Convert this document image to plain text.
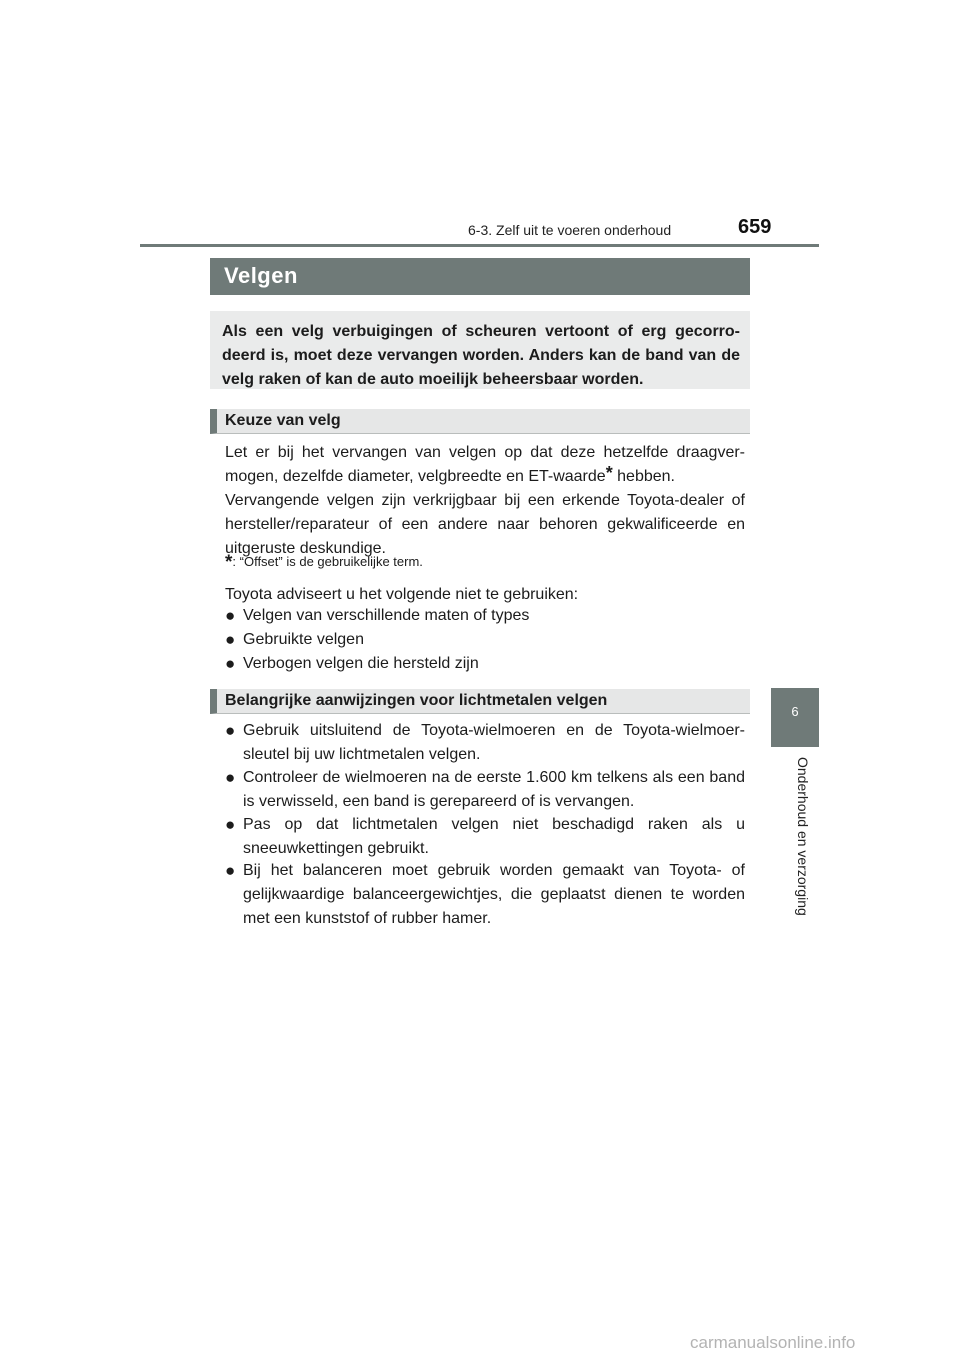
6-3. Zelf uit te voeren onderhoud	659
6
Onderhoud en verzorging
Velgen
Als een velg verbuigingen of scheuren vertoont of erg gecorrodeerd is, moet deze vervangen worden. Anders kan de band van de velg raken of kan de auto moeilijk beheersbaar worden.
Keuze van velg

Let er bij het vervangen van velgen op dat deze hetzelfde draagvermogen, dezelfde diameter, velgbreedte en ET-waarde* hebben.

Vervangende velgen zijn verkrijgbaar bij een erkende Toyota-dealer of hersteller/reparateur of een andere naar behoren gekwalificeerde en uitgeruste deskundige.

*: “Offset” is de gebruikelijke term.

Toyota adviseert u het volgende niet te gebruiken:

● Velgen van verschillende maten of types
● Gebruikte velgen
● Verbogen velgen die hersteld zijn
Belangrijke aanwijzingen voor lichtmetalen velgen
● Gebruik uitsluitend de Toyota-wielmoeren en de Toyota-wielmoersleutel bij uw lichtmetalen velgen.
● Controleer de wielmoeren na de eerste 1.600 km telkens als een band is verwisseld, een band is gerepareerd of is vervangen.
● Pas op dat lichtmetalen velgen niet beschadigd raken als u sneeuwkettingen gebruikt.
● Bij het balanceren moet gebruik worden gemaakt van Toyota- of gelijkwaardige balanceergewichtjes, die geplaatst dienen te worden met een kunststof of rubber hamer.
carmanualsonline.info
